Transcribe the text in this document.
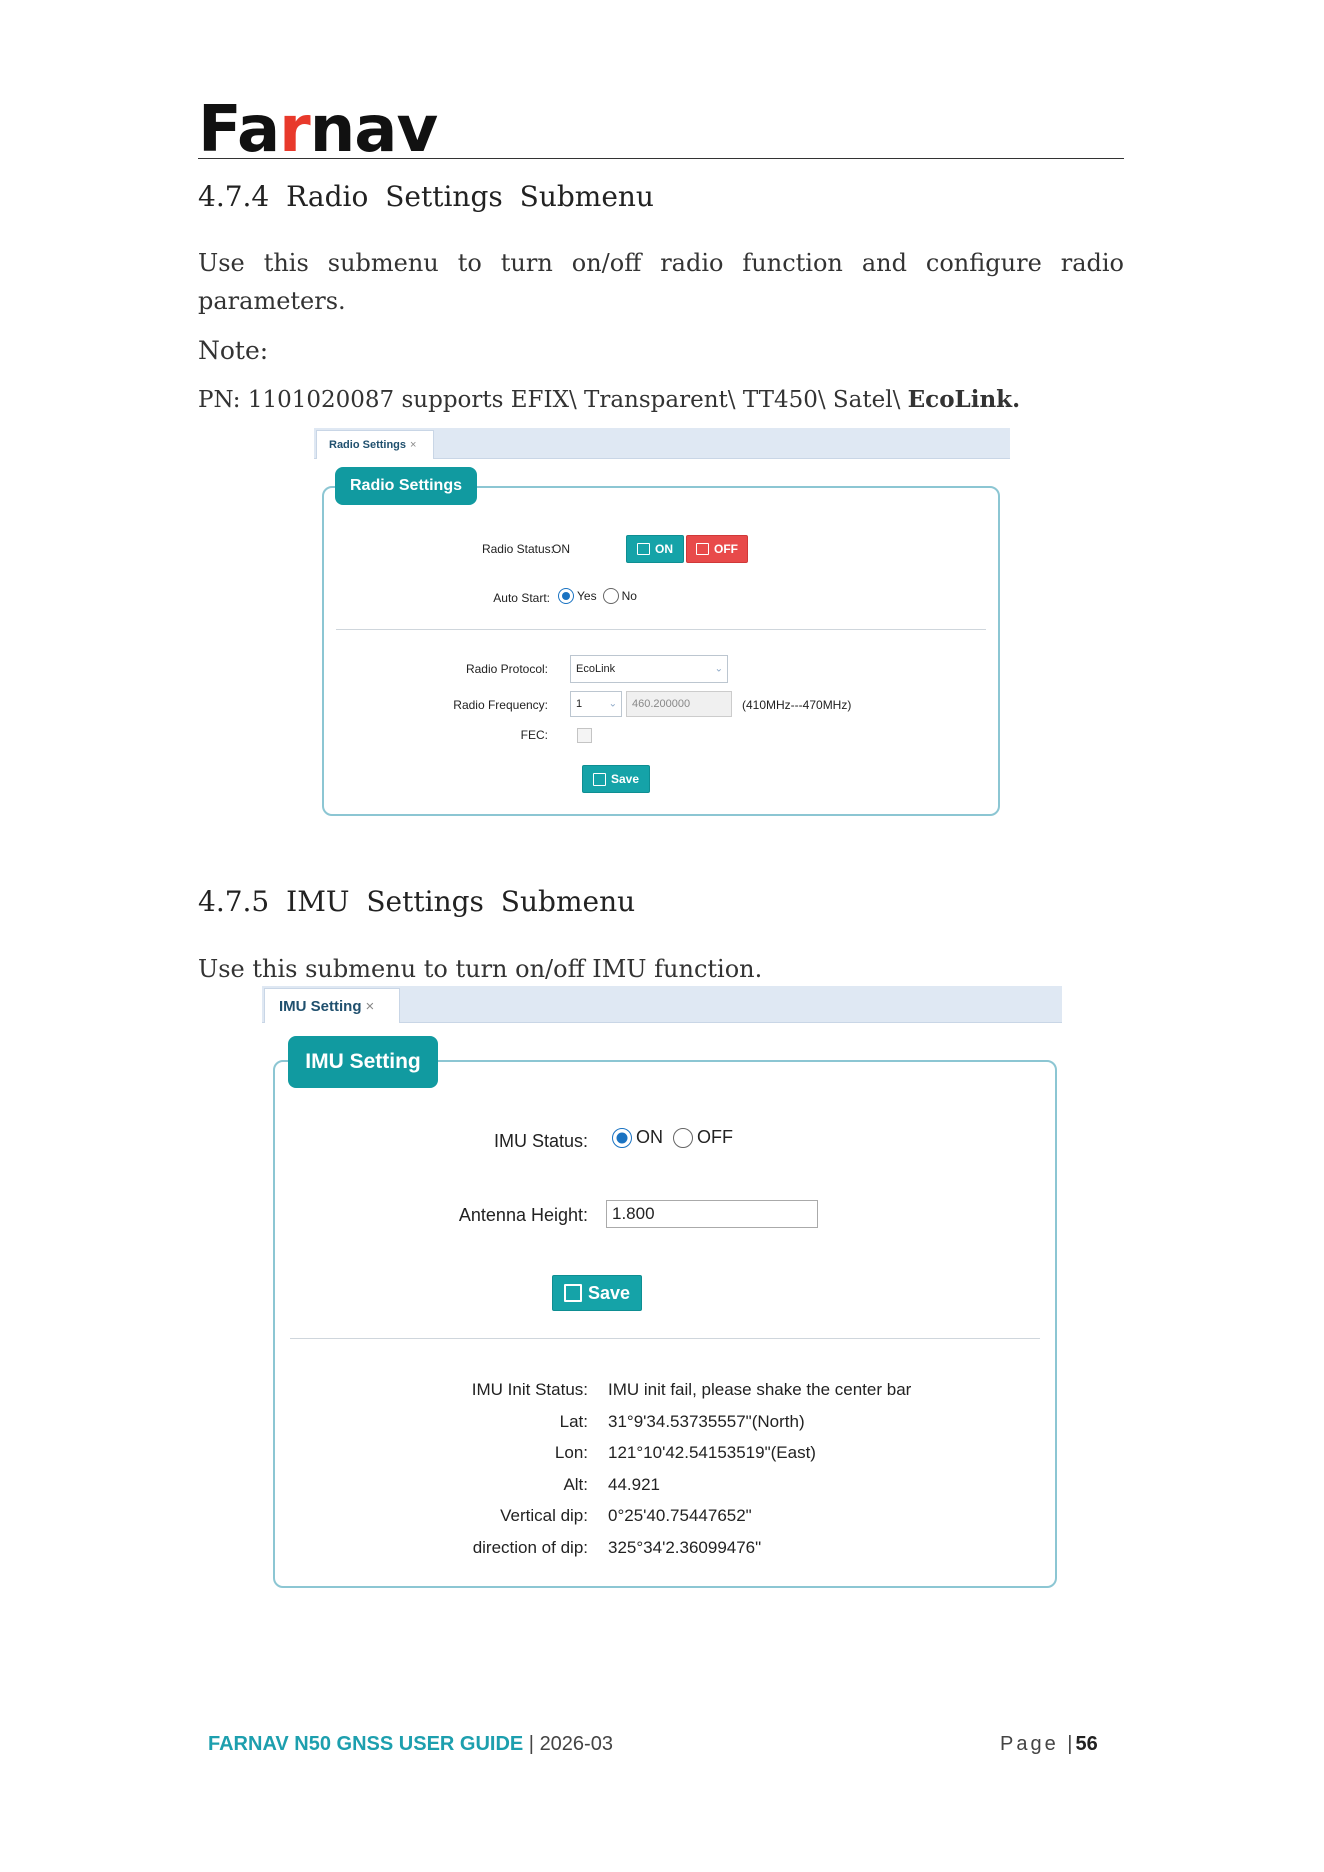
Farnav
4.7.4 Radio Settings Submenu

Use this submenu to turn on/off radio function and configure radio parameters.

Note:

PN: 1101020087 supports EFIX\ Transparent\ TT450\ Satel\ EcoLink.

Radio Settings ×
Radio Settings
Radio Status:
ON	ON	OFF
Auto Start: Yes No
Radio Protocol:	EcoLink	⌄
Radio Frequency:	1	⌄	460.200000	(410MHz---470MHz)
FEC:
Save
4.7.5 IMU Settings Submenu

Use this submenu to turn on/off IMU function.

IMU Setting ×
IMU Setting
IMU Status:	ON OFF
Antenna Height:	1.800
Save
IMU Init Status: IMU init fail, please shake the center bar
Lat: 31°9'34.53735557"(North)
Lon: 121°10'42.54153519"(East)
Alt: 44.921
Vertical dip: 0°25'40.75447652"
direction of dip: 325°34'2.36099476"
FARNAV N50 GNSS USER GUIDE | 2026-03	Page |56
